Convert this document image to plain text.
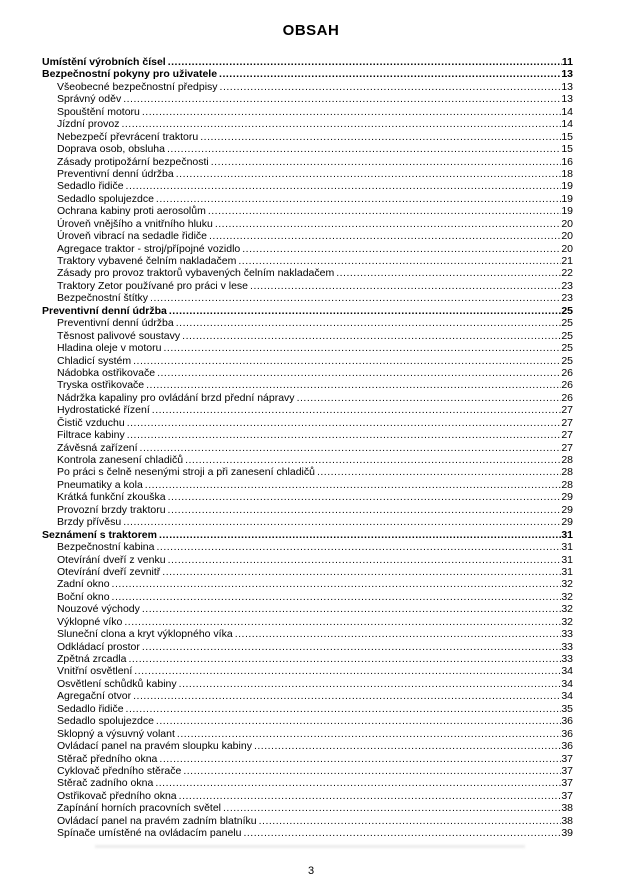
OBSAH
Umístění výrobních čísel .....	11
Bezpečnostní pokyny pro uživatele .....	13
Všeobecné bezpečnostní předpisy .....	13
Správný oděv .....	13
Spouštění motoru .....	14
Jízdní provoz .....	14
Nebezpečí převrácení traktoru .....	15
Doprava osob, obsluha .....	15
Zásady protipožární bezpečnosti .....	16
Preventivní denní údržba .....	18
Sedadlo řidiče .....	19
Sedadlo spolujezdce .....	19
Ochrana kabiny proti aerosolům .....	19
Úroveň vnějšího a vnitřního hluku .....	20
Úroveň vibrací na sedadle řidiče .....	20
Agregace traktor - stroj/přípojné vozidlo .....	20
Traktory vybavené čelním nakladačem .....	21
Zásady pro provoz traktorů vybavených čelním nakladačem .....	22
Traktory Zetor používané pro práci v lese .....	23
Bezpečnostní štítky .....	23
Preventivní denní údržba .....	25
Preventivní denní údržba .....	25
Těsnost palivové soustavy .....	25
Hladina oleje v motoru .....	25
Chladicí systém .....	25
Nádobka ostřikovače .....	26
Tryska ostřikovače .....	26
Nádržka kapaliny pro ovládání brzd přední nápravy .....	26
Hydrostatické řízení .....	27
Čistič vzduchu .....	27
Filtrace kabiny .....	27
Závěsná zařízení .....	27
Kontrola zanesení chladičů .....	28
Po práci s čelně nesenými stroji a při zanesení chladičů .....	28
Pneumatiky a kola .....	28
Krátká funkční zkouška .....	29
Provozní brzdy traktoru .....	29
Brzdy přívěsu .....	29
Seznámení s traktorem .....	31
Bezpečnostní kabina .....	31
Otevírání dveří z venku .....	31
Otevírání dveří zevnitř .....	31
Zadní okno .....	32
Boční okno .....	32
Nouzové východy .....	32
Výklopné víko .....	32
Sluneční clona a kryt výklopného víka .....	33
Odkládací prostor .....	33
Zpětná zrcadla .....	33
Vnitřní osvětlení .....	34
Osvětlení schůdků kabiny .....	34
Agregační otvor .....	34
Sedadlo řidiče .....	35
Sedadlo spolujezdce .....	36
Sklopný a výsuvný volant .....	36
Ovládací panel na pravém sloupku kabiny .....	36
Stěrač předního okna .....	37
Cyklovač předního stěrače .....	37
Stěrač zadního okna .....	37
Ostřikovač předního okna .....	37
Zapínání horních pracovních světel .....	38
Ovládací panel na pravém zadním blatníku .....	38
Spínače umístěné na ovládacím panelu .....	39
3
